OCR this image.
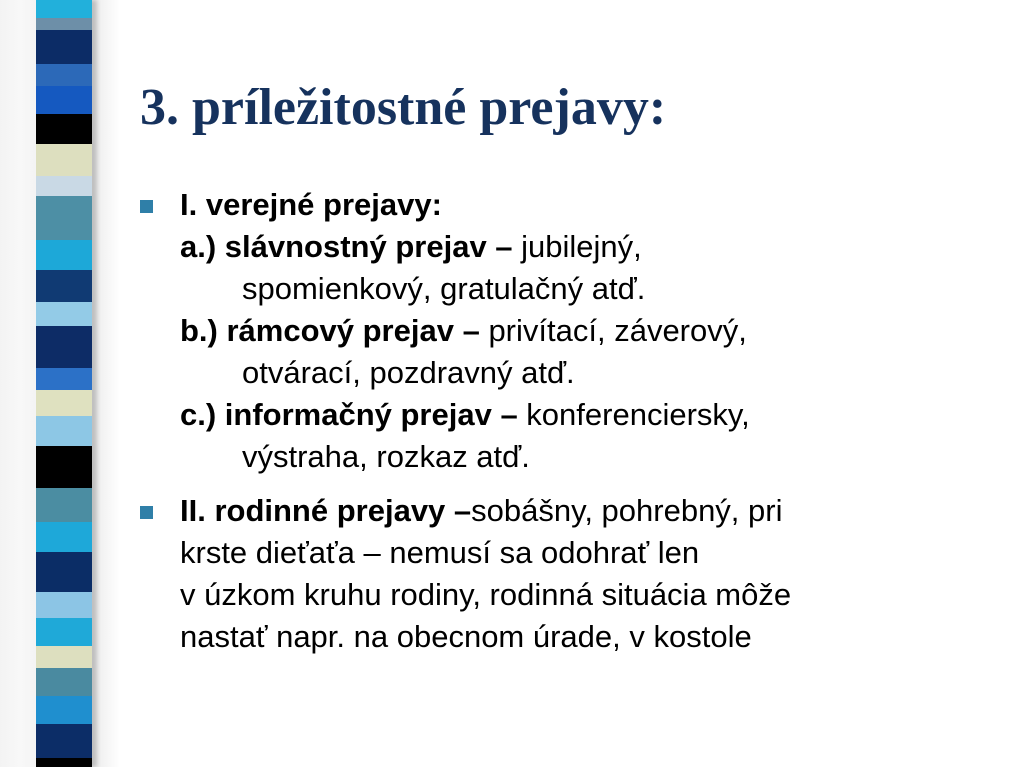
3. príležitostné prejavy:
I. verejné prejavy:
a.) slávnostný prejav – jubilejný,
spomienkový, gratulačný atď.
b.) rámcový prejav – privítací, záverový,
otvárací, pozdravný atď.
c.) informačný prejav – konferenciersky,
výstraha, rozkaz atď.
II. rodinné prejavy –sobášny, pohrebný, pri
krste dieťaťa – nemusí sa odohrať len
v úzkom kruhu rodiny, rodinná situácia môže
nastať napr. na obecnom úrade, v kostole
